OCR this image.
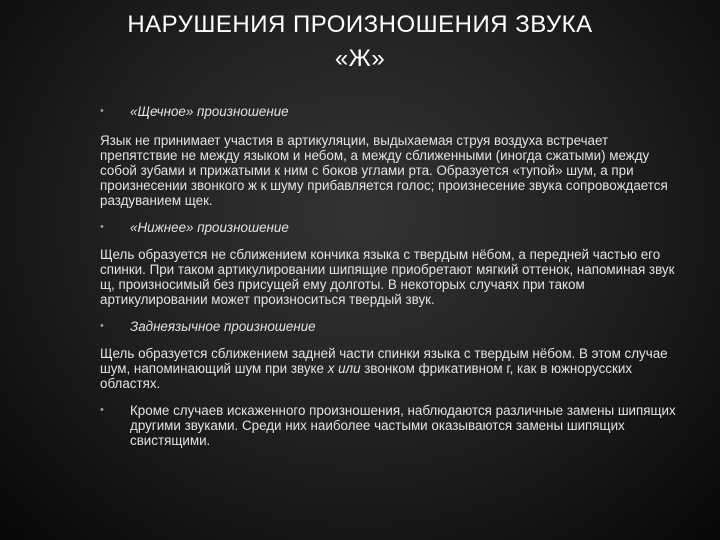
НАРУШЕНИЯ ПРОИЗНОШЕНИЯ ЗВУКА
«Ж»
• «Щечное» произношение

Язык не принимает участия в артикуляции, выдыхаемая струя воздуха встречает препятствие не между языком и небом, а между сближенными (иногда сжатыми) между собой зубами и прижатыми к ним с боков углами рта. Образуется «тупой» шум, а при произнесении звонкого ж к шуму прибавляется голос; произнесение звука сопровождается раздуванием щек.

• «Нижнее» произношение

Щель образуется не сближением кончика языка с твердым нёбом, а передней частью его спинки. При таком артикулировании шипящие приобретают мягкий оттенок, напоминая звук щ, произносимый без присущей ему долготы. В некоторых случаях при таком артикулировании может произноситься твердый звук.

• Заднеязычное произношение

Щель образуется сближением задней части спинки языка с твердым нёбом. В этом случае шум, напоминающий шум при звуке х или звонком фрикативном г, как в южнорусских областях.

• Кроме случаев искаженного произношения, наблюдаются различные замены шипящих другими звуками. Среди них наиболее частыми оказываются замены шипящих свистящими.
